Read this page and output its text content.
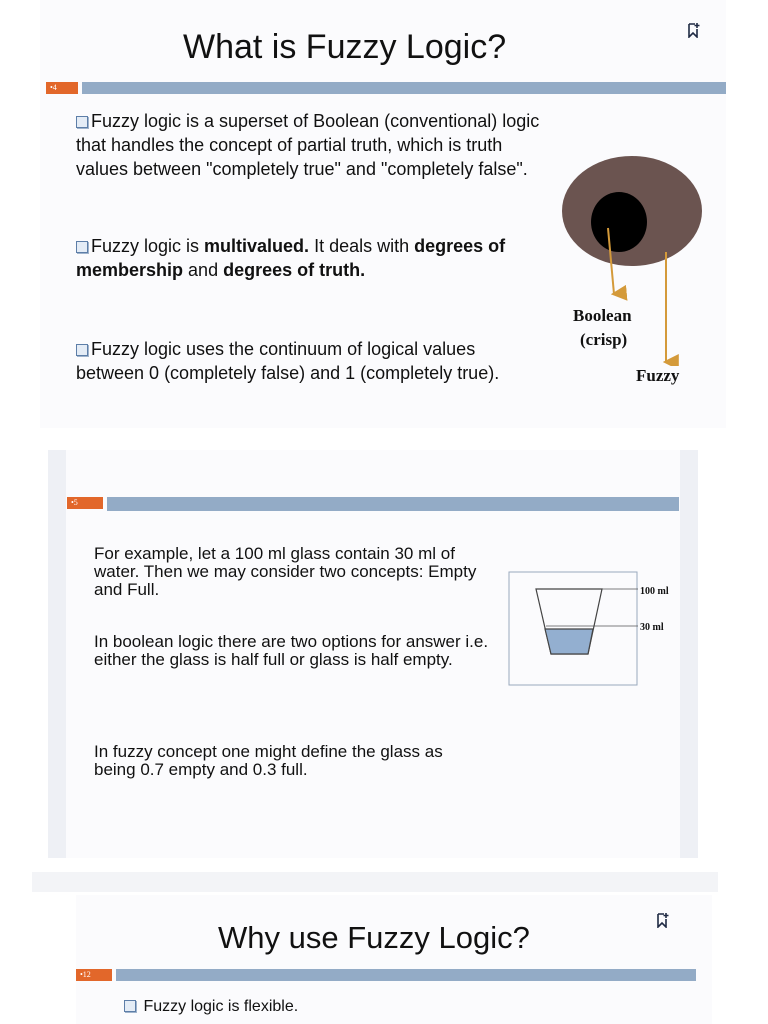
What is Fuzzy Logic?
•4
Fuzzy logic is a superset of Boolean (conventional) logic that handles the concept of partial truth, which is truth values between "completely true" and "completely false".
Fuzzy logic is multivalued. It deals with degrees of membership and degrees of truth.
Fuzzy logic uses the continuum of logical values between 0 (completely false) and 1 (completely true).
Boolean
(crisp)
Fuzzy
•5
For example, let a 100 ml glass contain 30 ml of water. Then we may consider two concepts: Empty and Full.
In boolean logic there are two options for answer i.e. either the glass is half full or glass is half empty.
In fuzzy concept one might define the glass as being 0.7 empty and 0.3 full.
100 ml
30 ml
Why use Fuzzy Logic?
•12
Fuzzy logic is flexible.
